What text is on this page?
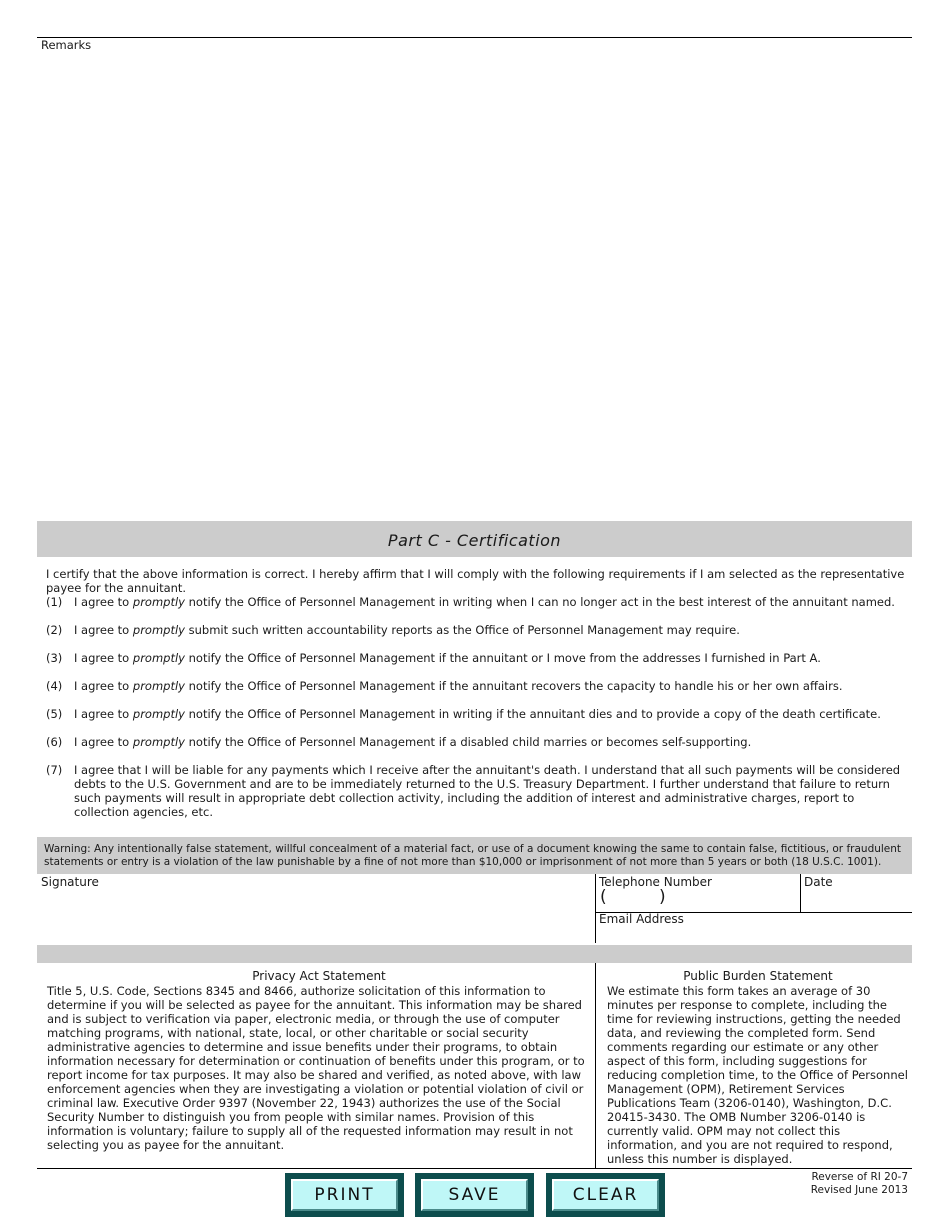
Remarks
Part C - Certification
I certify that the above information is correct. I hereby affirm that I will comply with the following requirements if I am selected as the representative payee for the annuitant.
(1) I agree to promptly notify the Office of Personnel Management in writing when I can no longer act in the best interest of the annuitant named.
(2) I agree to promptly submit such written accountability reports as the Office of Personnel Management may require.
(3) I agree to promptly notify the Office of Personnel Management if the annuitant or I move from the addresses I furnished in Part A.
(4) I agree to promptly notify the Office of Personnel Management if the annuitant recovers the capacity to handle his or her own affairs.
(5) I agree to promptly notify the Office of Personnel Management in writing if the annuitant dies and to provide a copy of the death certificate.
(6) I agree to promptly notify the Office of Personnel Management if a disabled child marries or becomes self-supporting.
(7) I agree that I will be liable for any payments which I receive after the annuitant's death. I understand that all such payments will be considered debts to the U.S. Government and are to be immediately returned to the U.S. Treasury Department. I further understand that failure to return such payments will result in appropriate debt collection activity, including the addition of interest and administrative charges, report to collection agencies, etc.
Warning: Any intentionally false statement, willful concealment of a material fact, or use of a document knowing the same to contain false, fictitious, or fraudulent statements or entry is a violation of the law punishable by a fine of not more than $10,000 or imprisonment of not more than 5 years or both (18 U.S.C. 1001).
Signature	Telephone Number
(	)
Date
Email Address
Privacy Act Statement
Title 5, U.S. Code, Sections 8345 and 8466, authorize solicitation of this information to determine if you will be selected as payee for the annuitant. This information may be shared and is subject to verification via paper, electronic media, or through the use of computer matching programs, with national, state, local, or other charitable or social security administrative agencies to determine and issue benefits under their programs, to obtain information necessary for determination or continuation of benefits under this program, or to report income for tax purposes. It may also be shared and verified, as noted above, with law enforcement agencies when they are investigating a violation or potential violation of civil or criminal law. Executive Order 9397 (November 22, 1943) authorizes the use of the Social Security Number to distinguish you from people with similar names. Provision of this information is voluntary; failure to supply all of the requested information may result in not selecting you as payee for the annuitant.
Public Burden Statement
We estimate this form takes an average of 30 minutes per response to complete, including the time for reviewing instructions, getting the needed data, and reviewing the completed form. Send comments regarding our estimate or any other aspect of this form, including suggestions for reducing completion time, to the Office of Personnel Management (OPM), Retirement Services Publications Team (3206-0140), Washington, D.C. 20415-3430. The OMB Number 3206-0140 is currently valid. OPM may not collect this information, and you are not required to respond, unless this number is displayed.
PRINT	SAVE	CLEAR
Reverse of RI 20-7
Revised June 2013
